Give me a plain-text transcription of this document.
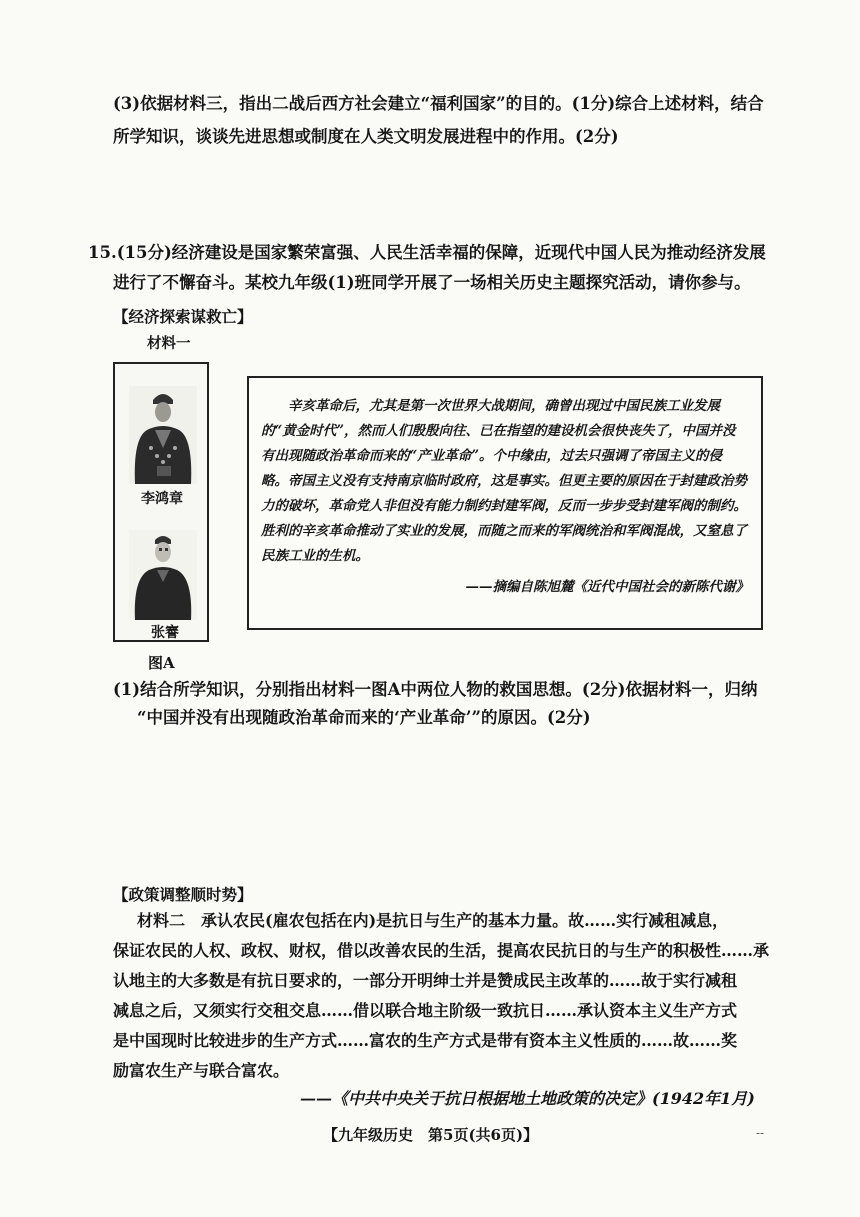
(3)依据材料三，指出二战后西方社会建立“福利国家”的目的。(1分)综合上述材料，结合
所学知识，谈谈先进思想或制度在人类文明发展进程中的作用。(2分)
15.(15分)经济建设是国家繁荣富强、人民生活幸福的保障，近现代中国人民为推动经济发展
进行了不懈奋斗。某校九年级(1)班同学开展了一场相关历史主题探究活动，请你参与。
【经济探索谋救亡】
材料一
李鸿章
张謇
图A

辛亥革命后，尤其是第一次世界大战期间，确曾出现过中国民族工业发展的“黄金时代”，然而人们殷殷向往、已在指望的建设机会很快丧失了，中国并没有出现随政治革命而来的“产业革命”。个中缘由，过去只强调了帝国主义的侵略。帝国主义没有支持南京临时政府，这是事实。但更主要的原因在于封建政治势力的破坏，革命党人非但没有能力制约封建军阀，反而一步步受封建军阀的制约。胜利的辛亥革命推动了实业的发展，而随之而来的军阀统治和军阀混战，又窒息了民族工业的生机。

——摘编自陈旭麓《近代中国社会的新陈代谢》
(1)结合所学知识，分别指出材料一图A中两位人物的救国思想。(2分)依据材料一，归纳
“中国并没有出现随政治革命而来的‘产业革命’”的原因。(2分)
【政策调整顺时势】

材料二　承认农民(雇农包括在内)是抗日与生产的基本力量。故……实行减租减息，

保证农民的人权、政权、财权，借以改善农民的生活，提高农民抗日的与生产的积极性……承

认地主的大多数是有抗日要求的，一部分开明绅士并是赞成民主改革的……故于实行减租

减息之后，又须实行交租交息……借以联合地主阶级一致抗日……承认资本主义生产方式

是中国现时比较进步的生产方式……富农的生产方式是带有资本主义性质的……故……奖

励富农生产与联合富农。

——《中共中央关于抗日根据地土地政策的决定》(1942年1月)
【九年级历史　第5页(共6页)】	--
